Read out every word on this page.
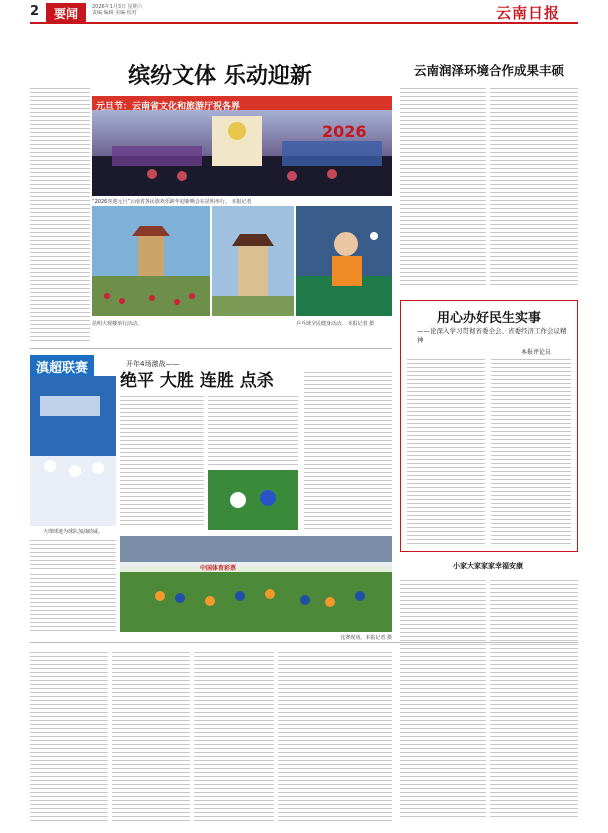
2	要闻	2026年1月3日 星期六
责编·编辑 美编·校对	云南日报
缤纷文体 乐动迎新
元旦节：云南省文化和旅游厅祝各界
2026
“2026喜迎元旦”云南省各民族欢乐跨年迎新晚会在昆明举行。 本报记者
昆明大观楼举行活动。	乒乓球全民健身活动。 本报记者 摄
云南润泽环境合作成果丰硕
用心办好民生实事
——论深入学习贯彻省委全会、省委经济工作会议精神
本报评论员
滇超联赛	开年4场激战——
绝平 大胜 连胜 点杀
大理球迷为球队加油助威。
中国体育彩票
比赛现场。本报记者 摄
小家大家家家幸福安康
